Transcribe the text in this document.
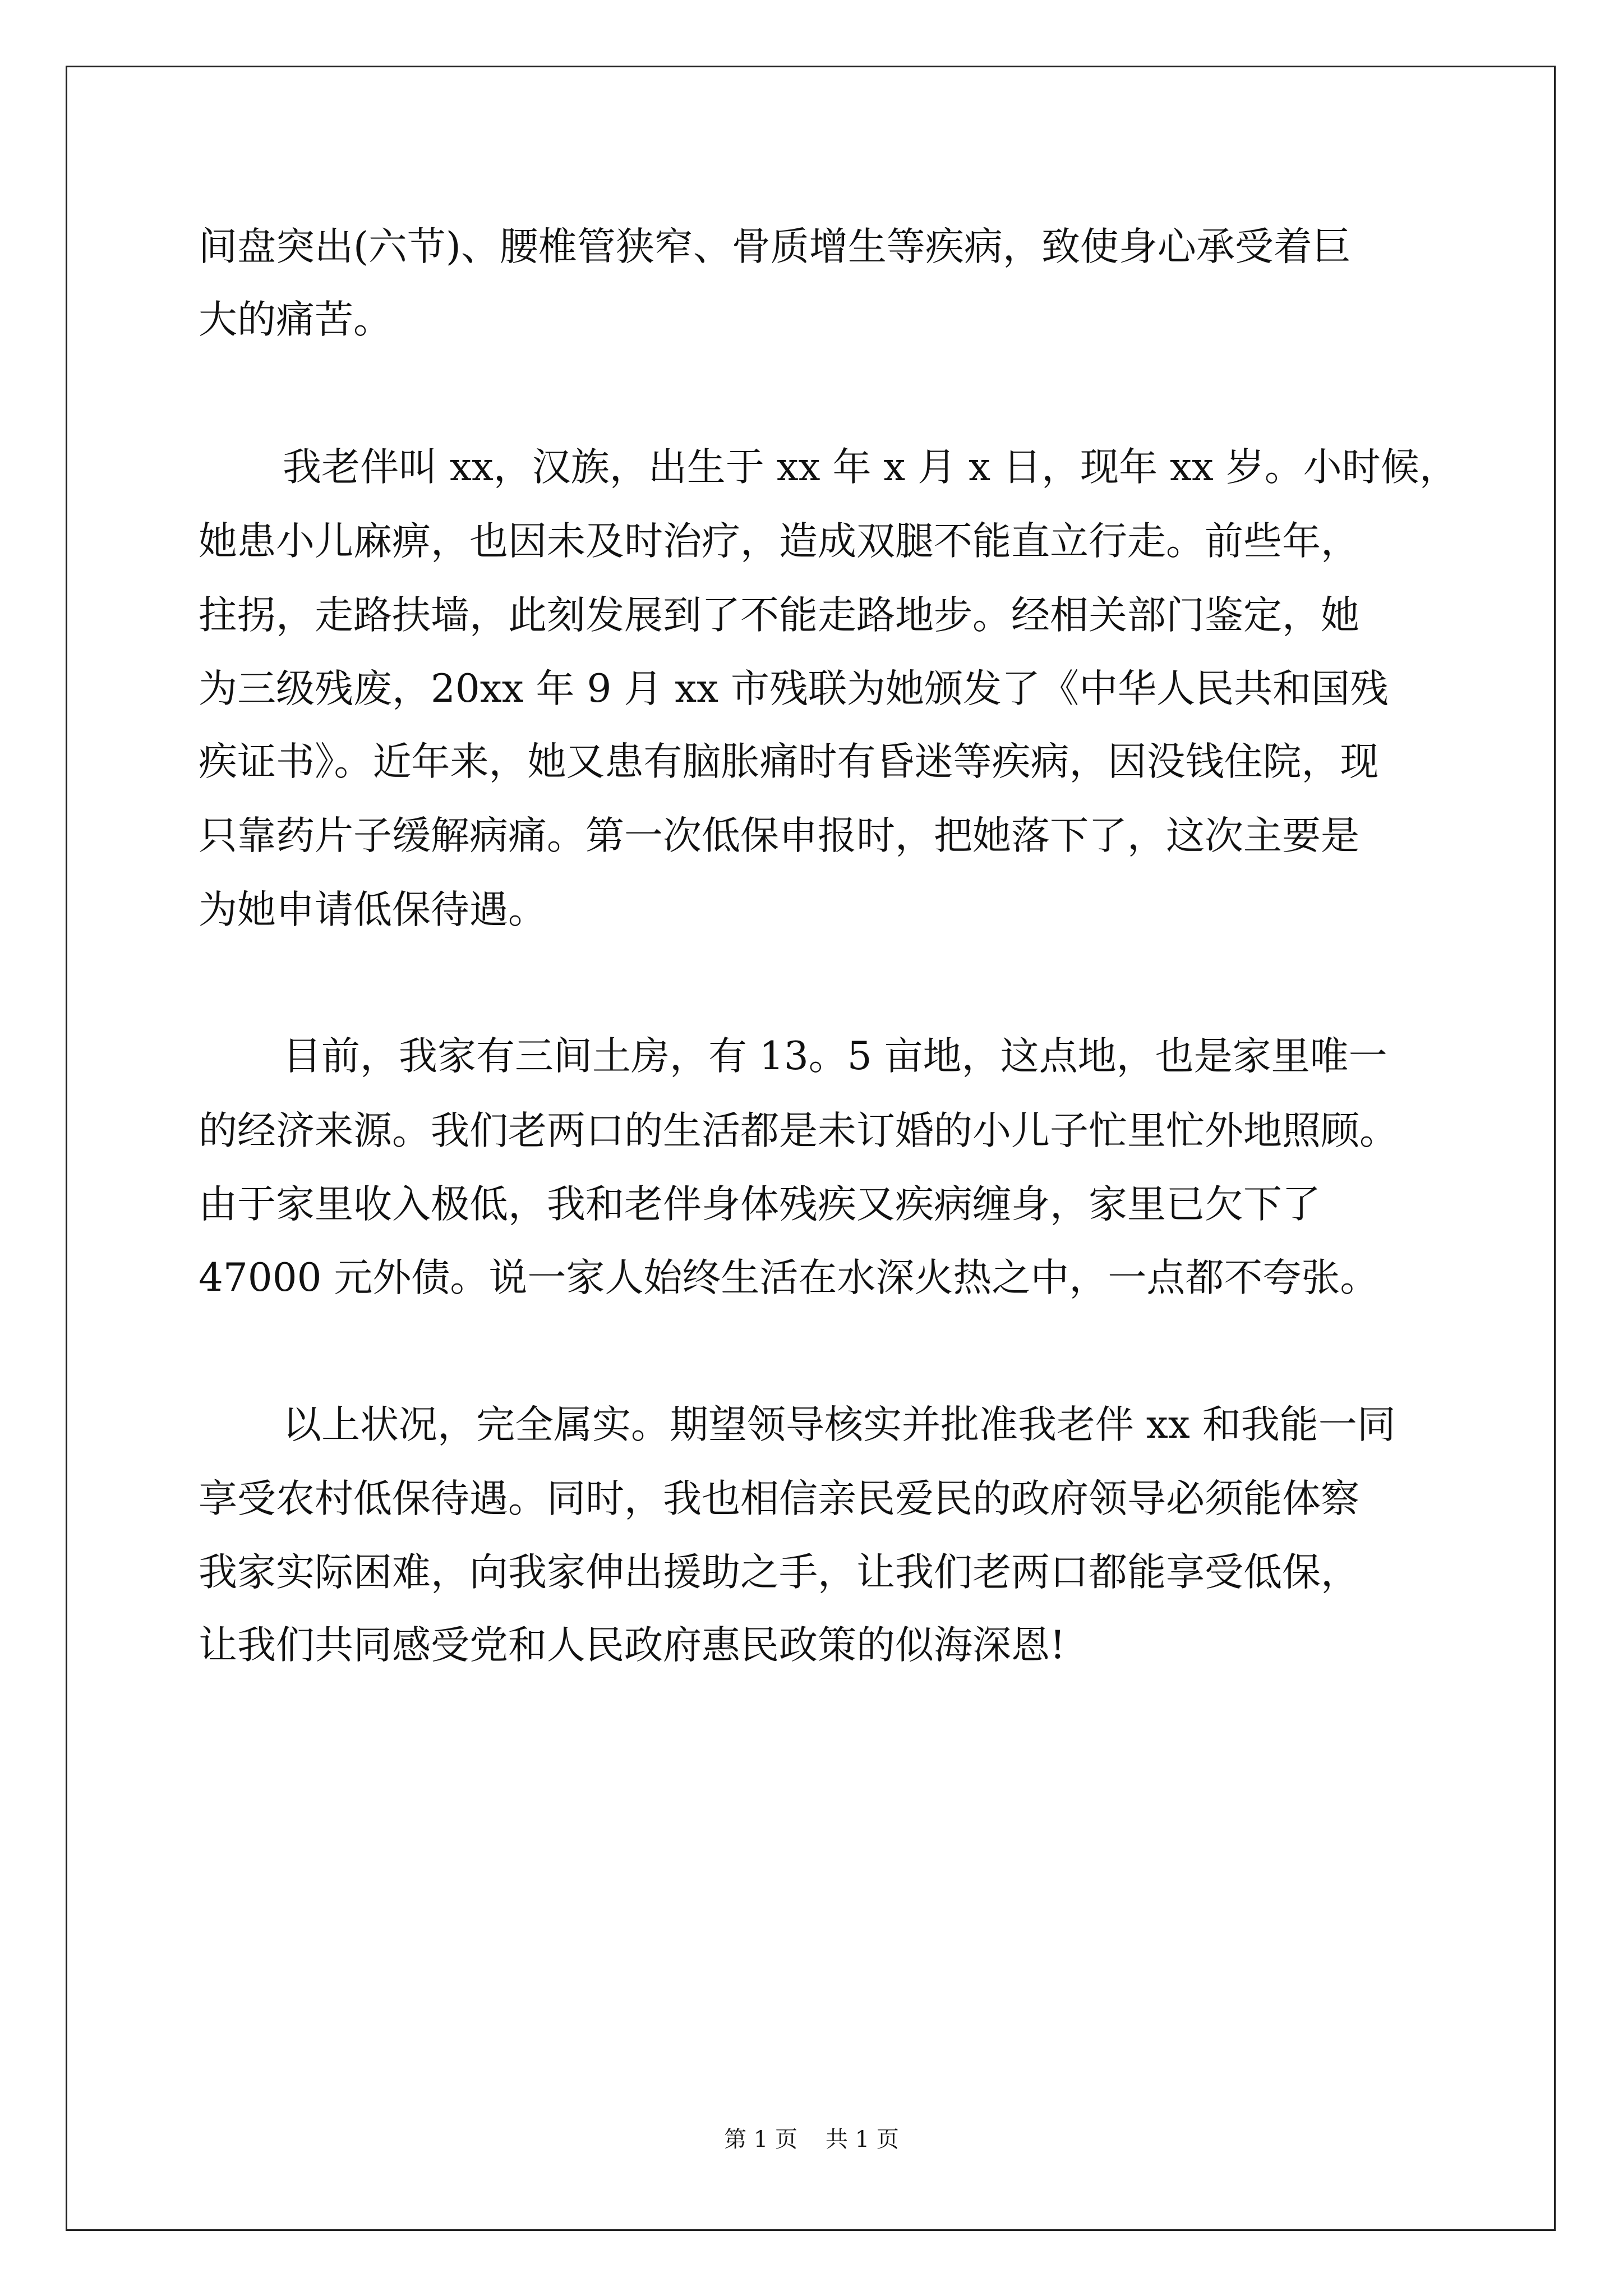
间盘突出(六节)、腰椎管狭窄、骨质增生等疾病，致使身心承受着巨
大的痛苦。
我老伴叫 xx，汉族，出生于 xx 年 x 月 x 日，现年 xx 岁。小时候，
她患小儿麻痹，也因未及时治疗，造成双腿不能直立行走。前些年，
拄拐，走路扶墙，此刻发展到了不能走路地步。经相关部门鉴定，她
为三级残废，20xx 年 9 月 xx 市残联为她颁发了《中华人民共和国残
疾证书》。近年来，她又患有脑胀痛时有昏迷等疾病，因没钱住院，现
只靠药片子缓解病痛。第一次低保申报时，把她落下了，这次主要是
为她申请低保待遇。
目前，我家有三间土房，有 13。5 亩地，这点地，也是家里唯一
的经济来源。我们老两口的生活都是未订婚的小儿子忙里忙外地照顾。
由于家里收入极低，我和老伴身体残疾又疾病缠身，家里已欠下了
47000 元外债。说一家人始终生活在水深火热之中，一点都不夸张。
以上状况，完全属实。期望领导核实并批准我老伴 xx 和我能一同
享受农村低保待遇。同时，我也相信亲民爱民的政府领导必须能体察
我家实际困难，向我家伸出援助之手，让我们老两口都能享受低保，
让我们共同感受党和人民政府惠民政策的似海深恩!
第 1 页 共 1 页
